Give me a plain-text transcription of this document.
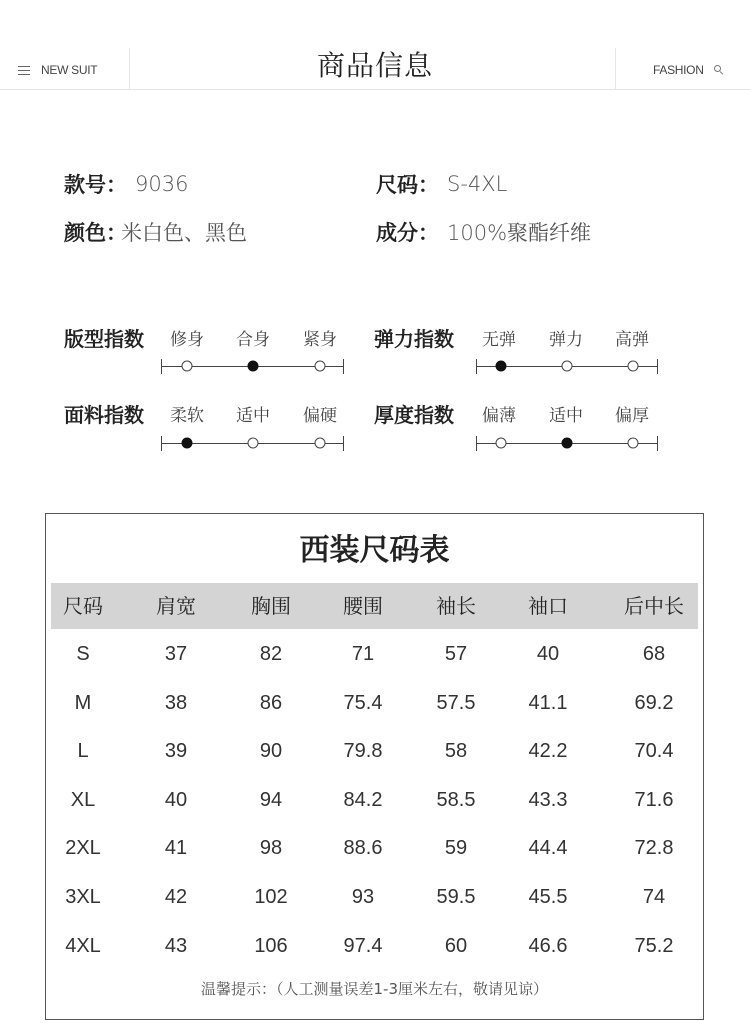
NEW SUIT	商品信息	FASHION
款号： 9036	尺码： S-4XL
颜色：
米白色、黑色	成分： 100%聚酯纤维
版型指数 修身 合身 紧身 弹力指数 无弹 弹力 高弹
面料指数 柔软 适中 偏硬 厚度指数 偏薄 适中 偏厚
西装尺码表
尺码	肩宽	胸围	腰围	袖长	袖口	后中长
S	37	82	71	57	40	68
M	38	86	75.4	57.5	41.1	69.2
L	39	90	79.8	58	42.2	70.4
XL	40	94	84.2	58.5	43.3	71.6
2XL	41	98	88.6	59	44.4	72.8
3XL	42	102	93	59.5	45.5	74
4XL	43	106	97.4	60	46.6	75.2
温馨提示：（人工测量误差1-3厘米左右，敬请见谅）
